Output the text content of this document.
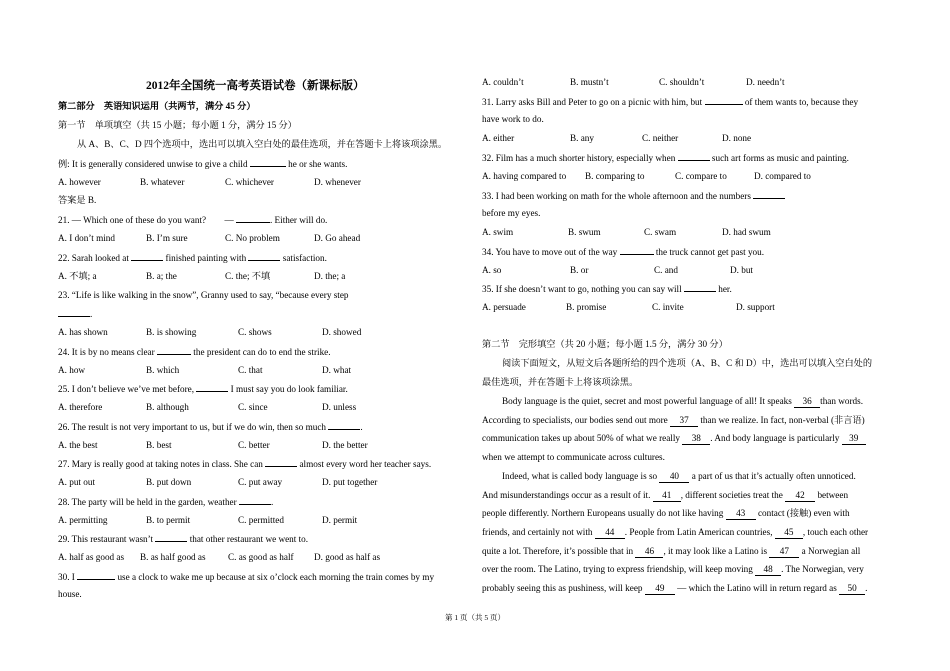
2012年全国统一高考英语试卷（新课标版）
第二部分　英语知识运用（共两节，满分 45 分）
第一节　单项填空（共 15 小题；每小题 1 分，满分 15 分）
从 A、B、C、D 四个选项中，选出可以填入空白处的最佳选项，并在答题卡上将该项涂黑。
例: It is generally considered unwise to give a child	he or she wants.
A. however	B. whatever	C. whichever	D. whenever
答案是 B.
21. — Which one of these do you want?　　—	. Either will do.
A. I don’t mind	B. I’m sure	C. No problem	D. Go ahead
22. Sarah looked at	finished painting with	satisfaction.
A. 不填; a	B. a; the	C. the; 不填	D. the; a
23. “Life is like walking in the snow”, Granny used to say, “because every step
.
A. has shown	B. is showing	C. shows	D. showed
24. It is by no means clear	the president can do to end the strike.
A. how	B. which	C. that	D. what
25. I don’t believe we’ve met before,	I must say you do look familiar.
A. therefore	B. although	C. since	D. unless
26. The result is not very important to us, but if we do win, then so much	.
A. the best	B. best	C. better	D. the better
27. Mary is really good at taking notes in class. She can	almost every word her teacher says.
A. put out	B. put down	C. put away	D. put together
28. The party will be held in the garden, weather	.
A. permitting	B. to permit	C. permitted	D. permit
29. This restaurant wasn’t	that other restaurant we went to.
A. half as good as B. as half good as C. as good as half D. good as half as
30. I	use a clock to wake me up because at six o’clock each morning the train comes by my
house.
A. couldn’t	B. mustn’t	C. shouldn’t	D. needn’t
31. Larry asks Bill and Peter to go on a picnic with him, but	of them wants to, because they
have work to do.
A. either	B. any	C. neither	D. none
32. Film has a much shorter history, especially when	such art forms as music and painting.
A. having compared to B. comparing to	C. compare to	D. compared to
33. I had been working on math for the whole afternoon and the numbers
before my eyes.
A. swim	B. swum	C. swam	D. had swum
34. You have to move out of the way	the truck cannot get past you.
A. so	B. or	C. and	D. but
35. If she doesn’t want to go, nothing you can say will	her.
A. persuade	B. promise	C. invite	D. support
第二节　完形填空（共 20 小题；每小题 1.5 分，满分 30 分）
阅读下面短文，从短文后各题所给的四个选项（A、B、C 和 D）中，选出可以填入空白处的
最佳选项，并在答题卡上将该项涂黑。
Body language is the quiet, secret and most powerful language of all! It speaks 36 than words.
According to specialists, our bodies send out more 37 than we realize. In fact, non-verbal (非言语)
communication takes up about 50% of what we really 38 . And body language is particularly 39
when we attempt to communicate across cultures.
Indeed, what is called body language is so 40 a part of us that it’s actually often unnoticed.
And misunderstandings occur as a result of it. 41 , different societies treat the 42 between
people differently. Northern Europeans usually do not like having 43 contact (接触) even with
friends, and certainly not with 44 . People from Latin American countries, 45 , touch each other
quite a lot. Therefore, it’s possible that in 46 , it may look like a Latino is 47 a Norwegian all
over the room. The Latino, trying to express friendship, will keep moving 48 . The Norwegian, very
probably seeing this as pushiness, will keep 49 — which the Latino will in return regard as 50 .
第 1 页（共 5 页）
